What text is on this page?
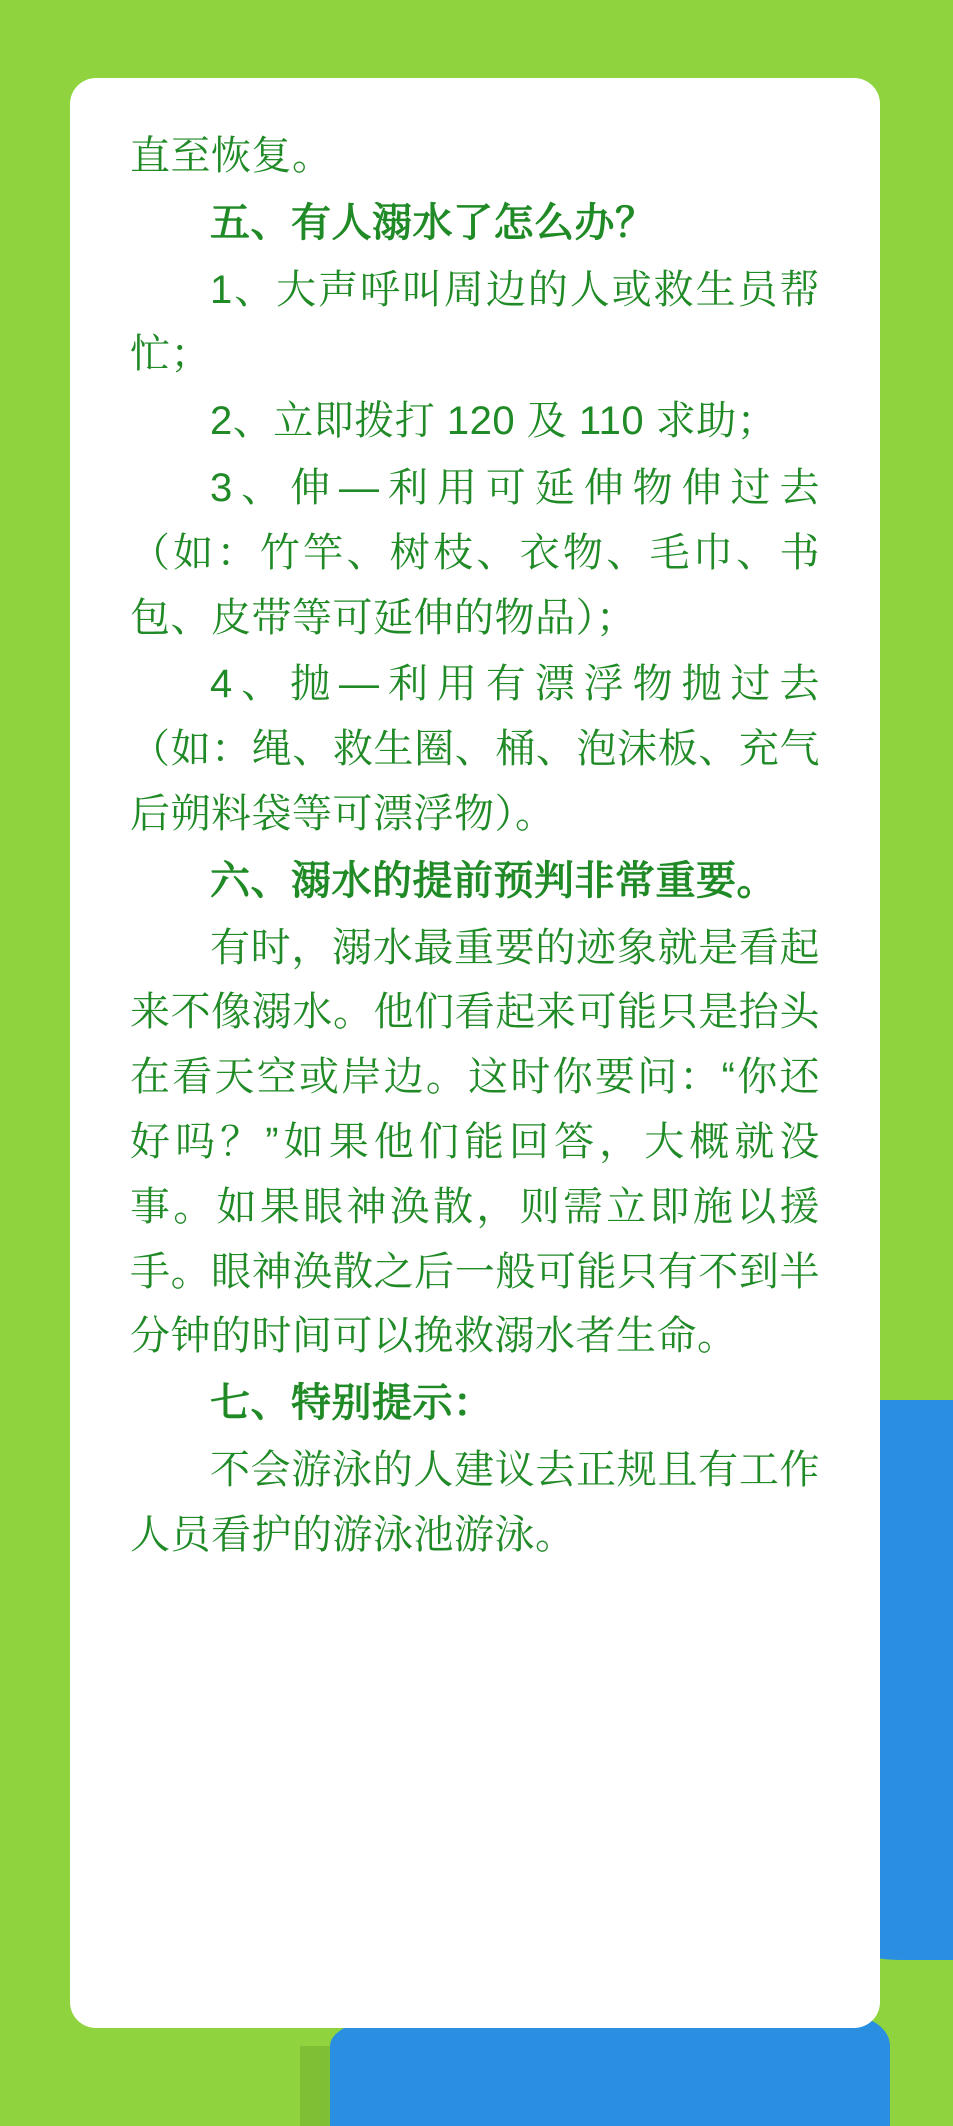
直至恢复。

五、有人溺水了怎么办？

1、大声呼叫周边的人或救生员帮忙；

2、立即拨打 120 及 110 求助；

3、伸—利用可延伸物伸过去（如：竹竿、树枝、衣物、毛巾、书包、皮带等可延伸的物品）；

4、抛—利用有漂浮物抛过去（如：绳、救生圈、桶、泡沫板、充气后朔料袋等可漂浮物）。

六、溺水的提前预判非常重要。

有时，溺水最重要的迹象就是看起来不像溺水。他们看起来可能只是抬头在看天空或岸边。这时你要问：“你还好吗？”如果他们能回答，大概就没事。如果眼神涣散，则需立即施以援手。眼神涣散之后一般可能只有不到半分钟的时间可以挽救溺水者生命。

七、特别提示：

不会游泳的人建议去正规且有工作人员看护的游泳池游泳。
